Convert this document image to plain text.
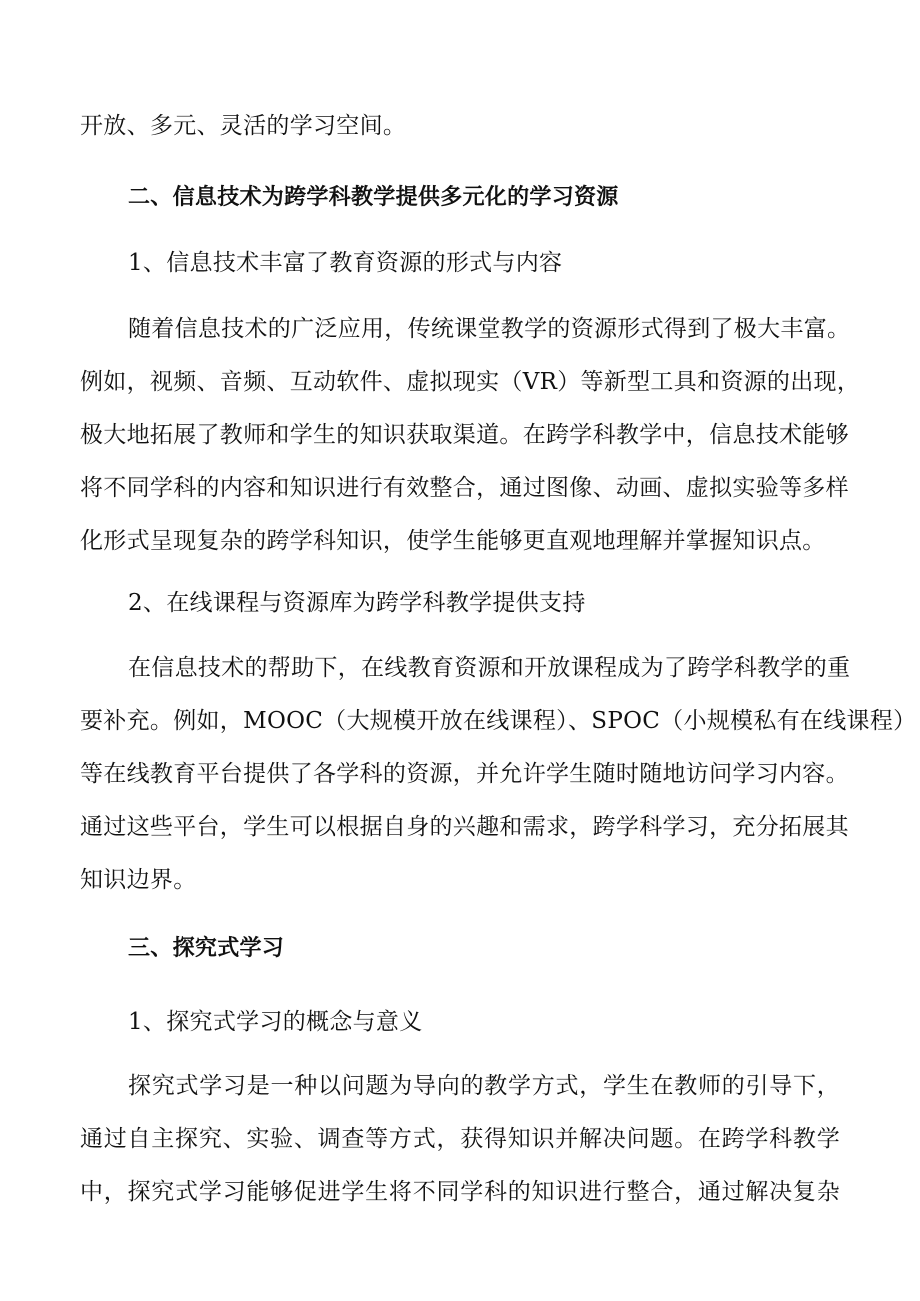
开放、多元、灵活的学习空间。
二、信息技术为跨学科教学提供多元化的学习资源
1、信息技术丰富了教育资源的形式与内容
随着信息技术的广泛应用，传统课堂教学的资源形式得到了极大丰富。
例如，视频、音频、互动软件、虚拟现实（VR）等新型工具和资源的出现，
极大地拓展了教师和学生的知识获取渠道。在跨学科教学中，信息技术能够
将不同学科的内容和知识进行有效整合，通过图像、动画、虚拟实验等多样
化形式呈现复杂的跨学科知识，使学生能够更直观地理解并掌握知识点。
2、在线课程与资源库为跨学科教学提供支持
在信息技术的帮助下，在线教育资源和开放课程成为了跨学科教学的重
要补充。例如，MOOC（大规模开放在线课程）、SPOC（小规模私有在线课程）
等在线教育平台提供了各学科的资源，并允许学生随时随地访问学习内容。
通过这些平台，学生可以根据自身的兴趣和需求，跨学科学习，充分拓展其
知识边界。
三、探究式学习
1、探究式学习的概念与意义
探究式学习是一种以问题为导向的教学方式，学生在教师的引导下，
通过自主探究、实验、调查等方式，获得知识并解决问题。在跨学科教学
中，探究式学习能够促进学生将不同学科的知识进行整合，通过解决复杂
